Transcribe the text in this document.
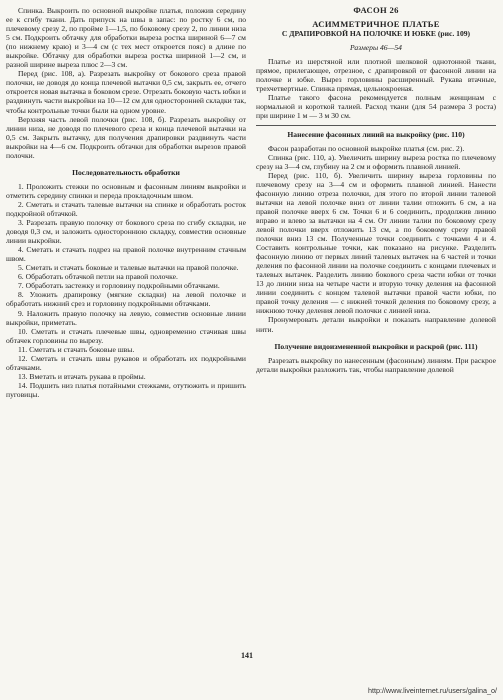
Спинка. Выкроить по основной выкройке платья, положив середину ее к сгибу ткани. Дать припуск на швы в запас: по ростку 6 см, по плечевому срезу 2, по пройме 1—1,5, по боковому срезу 2, по линии низа 5 см. Подкроить обтачку для обработки выреза ростка шириной 6—7 см (по нижнему краю) и 3—4 см (с тех мест откроется пояс) в длине по выкройке. Обтачку для обработки выреза ростка шириной 1—2 см, и разной ширине выреза плюс 2—3 см.

Перед (рис. 108, а). Разрезать выкройку от бокового среза правой полочки, не доводя до конца плечевой вытачки 0,5 см, закрыть ее, отчего откроется новая вытачка в боковом срезе. Отрезать боковую часть юбки и раздвинуть части выкройки на 10—12 см для односторонней складки так, чтобы контрольные точки были на одном уровне.

Верхняя часть левой полочки (рис. 108, б). Разрезать выкройку от линии низа, не доводя по плечевого среза и конца плечевой вытачки на 0,5 см. Закрыть вытачку, для получения драпировки раздвинуть части выкройки на 4—6 см. Подкроить обтачки для обработки вырезов правой полочки.

Последовательность обработки

1. Проложить стежки по основным и фасонным линиям выкройки и отметить середину спинки и переда прокладочным швом.

2. Сметать и стачать талевые вытачки на спинке и обработать росток подкройной обтачкой.

3. Разрезать правую полочку от бокового среза по сгибу складки, не доводя 0,3 см, и заложить одностороннюю складку, совместив основные линии выкройки.

4. Сметать и стачать подрез на правой полочке внутренним стачным швом.

5. Сметать и стачать боковые и талевые вытачки на правой полочке.

6. Обработать обтачкой петли на правой полочке.

7. Обработать застежку и горловину подкройными обтачками.

8. Уложить драпировку (мягкие складки) на левой полочке и обработать нижний срез и горловину подкройными обтачками.

9. Наложить правую полочку на левую, совместив основные линии выкройки, приметать.

10. Сметать и стачать плечевые швы, одновременно стачивая швы обтачек горловины по вырезу.

11. Сметать и стачать боковые швы.

12. Сметать и стачать швы рукавов и обработать их подкройными обтачками.

13. Вметать и втачать рукава в проймы.

14. Подшить низ платья потайными стежками, отутюжить и пришить пуговицы.

ФАСОН 26

АСИММЕТРИЧНОЕ ПЛАТЬЕ

С ДРАПИРОВКОЙ НА ПОЛОЧКЕ И ЮБКЕ (рис. 109)

Размеры 46—54

Платье из шерстяной или плотной шелковой однотонной ткани, прямое, прилегающее, отрезное, с драпировкой от фасонной линии на полочке и юбке. Вырез горловины расширенный. Рукава втачные, трехчетвертные. Спинка прямая, цельнокроеная.

Платье такого фасона рекомендуется полным женщинам с нормальной и короткой талией. Расход ткани (для 54 размера 3 роста) при ширине 1 м — 3 м 30 см.

Нанесение фасонных линий на выкройку (рис. 110)

Фасон разработан по основной выкройке платья (см. рис. 2).

Спинка (рис. 110, а). Увеличить ширину выреза ростка по плечевому срезу на 3—4 см, глубину на 2 см и оформить плавной линией.

Перед (рис. 110, б). Увеличить ширину выреза горловины по плечевому срезу на 3—4 см и оформить плавной линией. Нанести фасонную линию отреза полочки, для этого по второй линии талевой вытачки на левой полочке вниз от линии талии отложить 6 см, а на правой полочке вверх 6 см. Точки 6 и 6 соединить, продолжив линию вправо и влево за вытачки на 4 см. От линии талии по боковому срезу левой полочки вверх отложить 13 см, а по боковому срезу правой полочки вниз 13 см. Полученные точки соединить с точками 4 и 4. Составить контрольные точки, как показано на рисунке. Разделить фасонную линию от первых линий талевых вытачек на 6 частей и точки деления по фасонной линии на полочке соединить с концами плечевых и талевых вытачек. Разделить линию бокового среза части юбки от точки 13 до линии низа на четыре части и вторую точку деления на фасонной линии соединить с концом талевой вытачки правой части юбки, по правой точку деления — с нижней точкой деления по боковому срезу, а нижнюю точку деления левой полочки с линией низа.

Пронумеровать детали выкройки и показать направление долевой нити.

Получение видоизмененной выкройки и раскрой (рис. 111)

Разрезать выкройку по нанесенным (фасонным) линиям. При раскрое детали выкройки разложить так, чтобы направление долевой

141
http://www.liveinternet.ru/users/galina_o/
